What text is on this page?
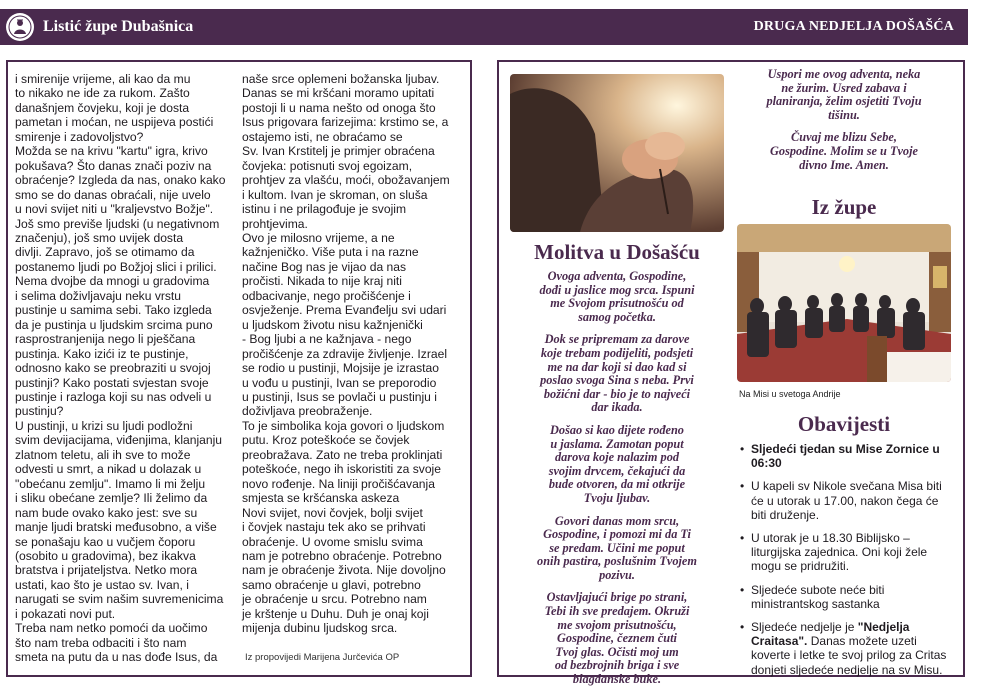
Listić župe Dubašnica	DRUGA NEDJELJA DOŠAŠĆA

i smirenije vrijeme, ali kao da mu
to nikako ne ide za rukom. Zašto
današnjem čovjeku, koji je dosta
pametan i moćan, ne uspijeva postići
smirenje i zadovoljstvo?
Možda se na krivu "kartu" igra, krivo
pokušava? Što danas znači poziv na
obraćenje? Izgleda da nas, onako kako
smo se do danas obraćali, nije uvelo
u novi svijet niti u "kraljevstvo Božje".
Još smo previše ljudski (u negativnom
značenju), još smo uvijek dosta
divlji. Zapravo, još se otimamo da
postanemo ljudi po Božjoj slici i prilici.
Nema dvojbe da mnogi u gradovima
i selima doživljavaju neku vrstu
pustinje u samima sebi. Tako izgleda
da je pustinja u ljudskim srcima puno
rasprostranjenija nego li pješčana
pustinja. Kako izići iz te pustinje,
odnosno kako se preobraziti u svojoj
pustinji? Kako postati svjestan svoje
pustinje i razloga koji su nas odveli u
pustinju?
U pustinji, u krizi su ljudi podložni
svim devijacijama, viđenjima, klanjanju
zlatnom teletu, ali ih sve to može
odvesti u smrt, a nikad u dolazak u
"obećanu zemlju". Imamo li mi želju
i sliku obećane zemlje? Ili želimo da
nam bude ovako kako jest: sve su
manje ljudi bratski međusobno, a više
se ponašaju kao u vučjem čoporu
(osobito u gradovima), bez ikakva
bratstva i prijateljstva. Netko mora
ustati, kao što je ustao sv. Ivan, i
narugati se svim našim suvremenicima
i pokazati novi put.
Treba nam netko pomoći da uočimo
što nam treba odbaciti i što nam
smeta na putu da u nas dođe Isus, da

naše srce oplemeni božanska ljubav.
Danas se mi kršćani moramo upitati
postoji li u nama nešto od onoga što
Isus prigovara farizejima: krstimo se, a
ostajemo isti, ne obraćamo se
Sv. Ivan Krstitelj je primjer obraćena
čovjeka: potisnuti svoj egoizam,
prohtjev za vlašću, moći, obožavanjem
i kultom. Ivan je skroman, on sluša
istinu i ne prilagođuje je svojim
prohtjevima.
Ovo je milosno vrijeme, a ne
kažnjeničko. Više puta i na razne
načine Bog nas je vijao da nas
pročisti. Nikada to nije kraj niti
odbacivanje, nego pročišćenje i
osvježenje. Prema Evanđelju svi udari
u ljudskom životu nisu kažnjenički
- Bog ljubi a ne kažnjava - nego
pročišćenje za zdravije življenje. Izrael
se rodio u pustinji, Mojsije je izrastao
u vođu u pustinji, Ivan se preporodio
u pustinji, Isus se povlači u pustinju i
doživljava preobraženje.
To je simbolika koja govori o ljudskom
putu. Kroz poteškoće se čovjek
preobražava. Zato ne treba proklinjati
poteškoće, nego ih iskoristiti za svoje
novo rođenje. Na liniji pročišćavanja
smjesta se kršćanska askeza
Novi svijet, novi čovjek, bolji svijet
i čovjek nastaju tek ako se prihvati
obraćenje. U ovome smislu svima
nam je potrebno obraćenje. Potrebno
nam je obraćenje života. Nije dovoljno
samo obraćenje u glavi, potrebno
je obraćenje u srcu. Potrebno nam
je krštenje u Duhu. Duh je onaj koji
mijenja dubinu ljudskog srca.

Iz propovijedi Marijena Jurčevića OP
Molitva u Došašću

Ovoga adventa, Gospodine,
dođi u jaslice mog srca. Ispuni
me Svojom prisutnošću od
samog početka.

Dok se pripremam za darove
koje trebam podijeliti, podsjeti
me na dar koji si dao kad si
poslao svoga Sina s neba. Prvi
božićni dar - bio je to najveći
dar ikada.

Došao si kao dijete rođeno
u jaslama. Zamotan poput
darova koje nalazim pod
svojim drvcem, čekajući da
bude otvoren, da mi otkrije
Tvoju ljubav.

Govori danas mom srcu,
Gospodine, i pomozi mi da Ti
se predam. Učini me poput
onih pastira, poslušnim Tvojem
pozivu.

Ostavljajući brige po strani,
Tebi ih sve predajem. Okruži
me svojom prisutnošću,
Gospodine, čeznem čuti
Tvoj glas. Očisti moj um
od bezbrojnih briga i sve
blagdanske buke.

Uspori me ovog adventa, neka
ne žurim. Usred zabava i
planiranja, želim osjetiti Tvoju
tišinu.

Čuvaj me blizu Sebe,
Gospodine. Molim se u Tvoje
divno Ime. Amen.

Iz župe
Na Misi u svetoga Andrije
Obavijesti
• Sljedeći tjedan su Mise Zornice u
06:30
• U kapeli sv Nikole svečana Misa biti
će u utorak u 17.00, nakon čega će
biti druženje.
• U utorak je u 18.30 Biblijsko –
liturgijska zajednica. Oni koji žele
mogu se pridružiti.
• Sljedeće subote neće biti
ministrantskog sastanka
• Sljedeće nedjelje je "Nedjelja
Craitasa". Danas možete uzeti
koverte i letke te svoj prilog za Critas
donjeti sljedeće nedjelje na sv Misu.
